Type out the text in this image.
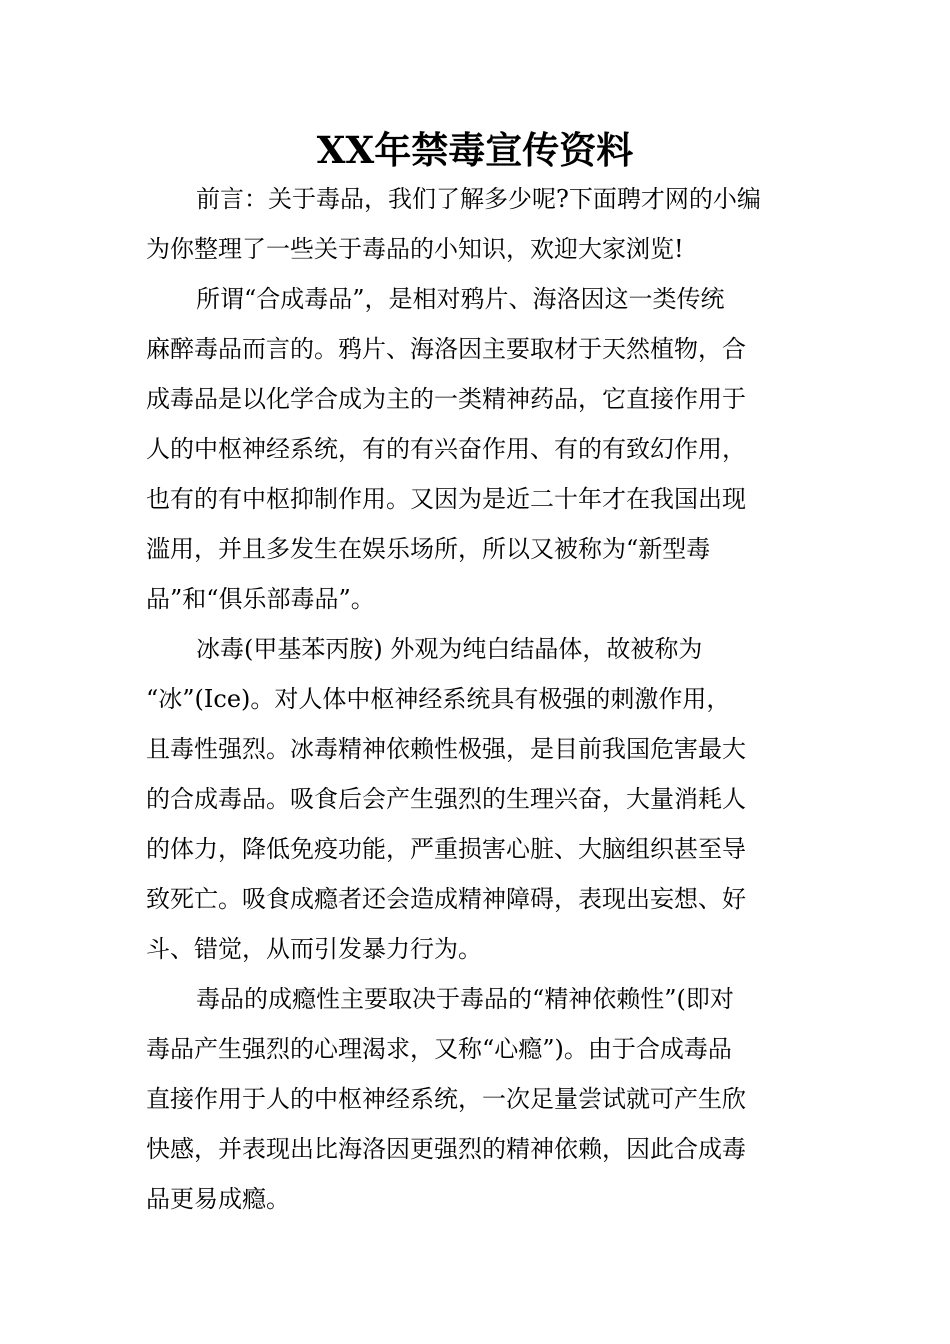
XX年禁毒宣传资料

前言：关于毒品，我们了解多少呢?下面聘才网的小编

为你整理了一些关于毒品的小知识，欢迎大家浏览!

所谓“合成毒品”，是相对鸦片、海洛因这一类传统

麻醉毒品而言的。鸦片、海洛因主要取材于天然植物，合

成毒品是以化学合成为主的一类精神药品，它直接作用于

人的中枢神经系统，有的有兴奋作用、有的有致幻作用，

也有的有中枢抑制作用。又因为是近二十年才在我国出现

滥用，并且多发生在娱乐场所，所以又被称为“新型毒

品”和“俱乐部毒品”。

冰毒(甲基苯丙胺) 外观为纯白结晶体，故被称为

“冰”(Ice)。对人体中枢神经系统具有极强的刺激作用，

且毒性强烈。冰毒精神依赖性极强，是目前我国危害最大

的合成毒品。吸食后会产生强烈的生理兴奋，大量消耗人

的体力，降低免疫功能，严重损害心脏、大脑组织甚至导

致死亡。吸食成瘾者还会造成精神障碍，表现出妄想、好

斗、错觉，从而引发暴力行为。

毒品的成瘾性主要取决于毒品的“精神依赖性”(即对

毒品产生强烈的心理渴求，又称“心瘾”)。由于合成毒品

直接作用于人的中枢神经系统，一次足量尝试就可产生欣

快感，并表现出比海洛因更强烈的精神依赖，因此合成毒

品更易成瘾。
